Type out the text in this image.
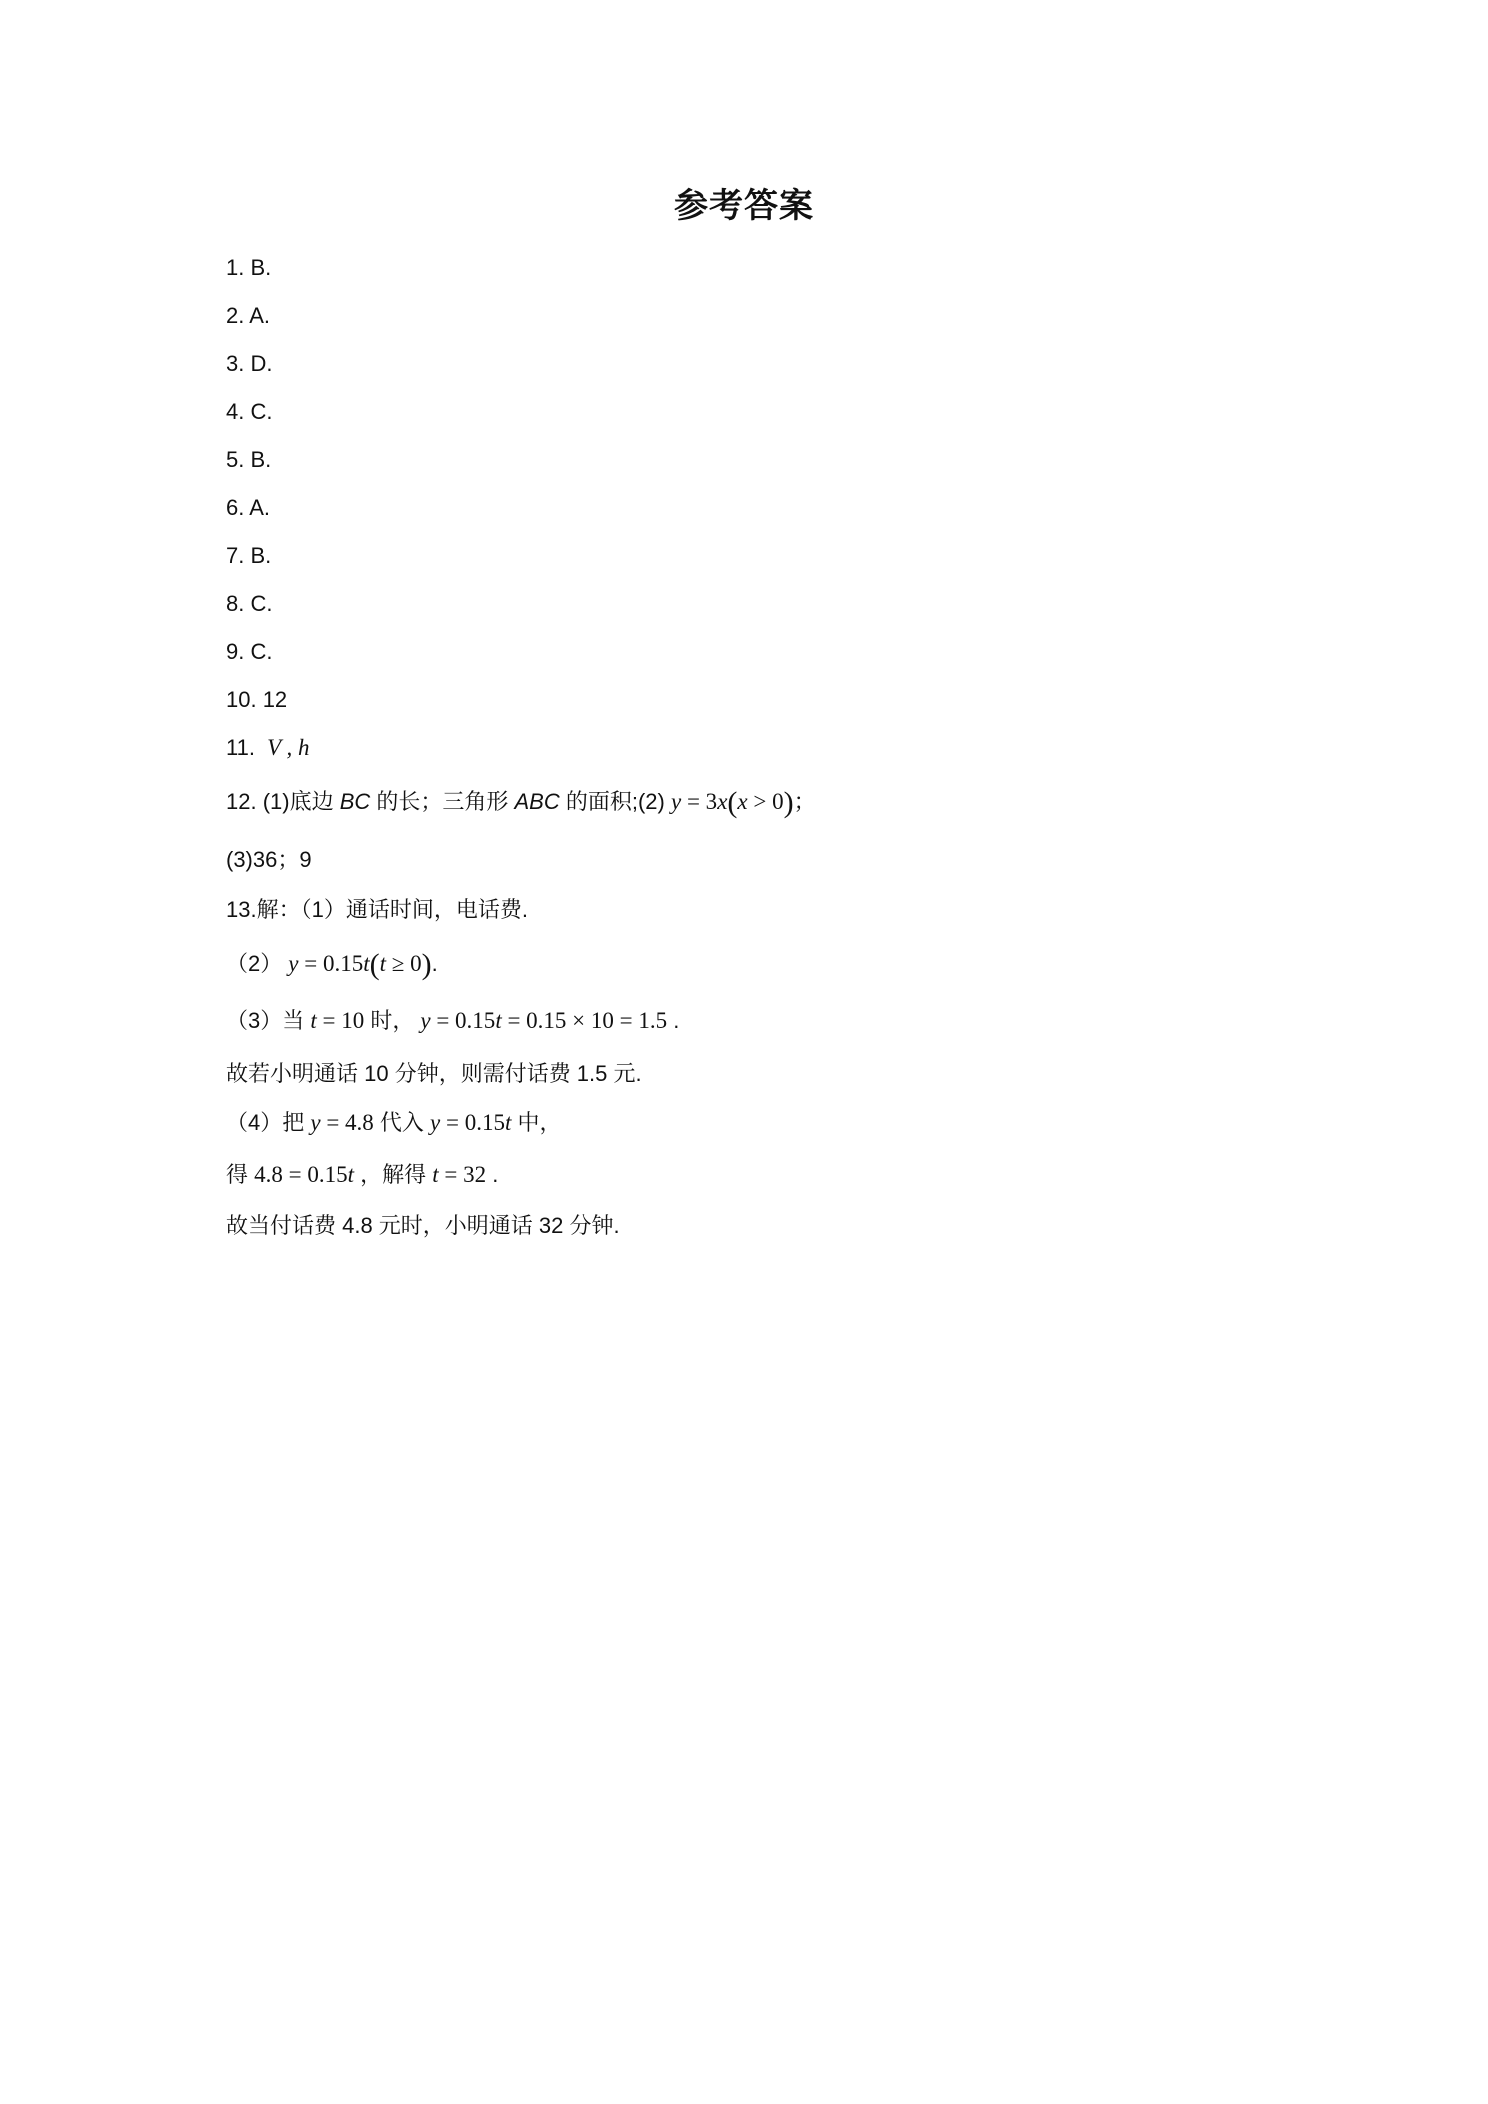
参考答案
1. B.
2. A.
3. D.
4. C.
5. B.
6. A.
7. B.
8. C.
9. C.
10. 12
11. V , h
12. (1)底边 BC 的长；三角形 ABC 的面积;(2) y = 3x(x > 0)；
(3)36；9
13.解：（1）通话时间，电话费.
（2） y = 0.15t(t ≥ 0).
（3）当 t = 10 时， y = 0.15t = 0.15 × 10 = 1.5 .
故若小明通话 10 分钟，则需付话费 1.5 元.
（4）把 y = 4.8 代入 y = 0.15t 中，
得 4.8 = 0.15t ，解得 t = 32 .
故当付话费 4.8 元时，小明通话 32 分钟.
